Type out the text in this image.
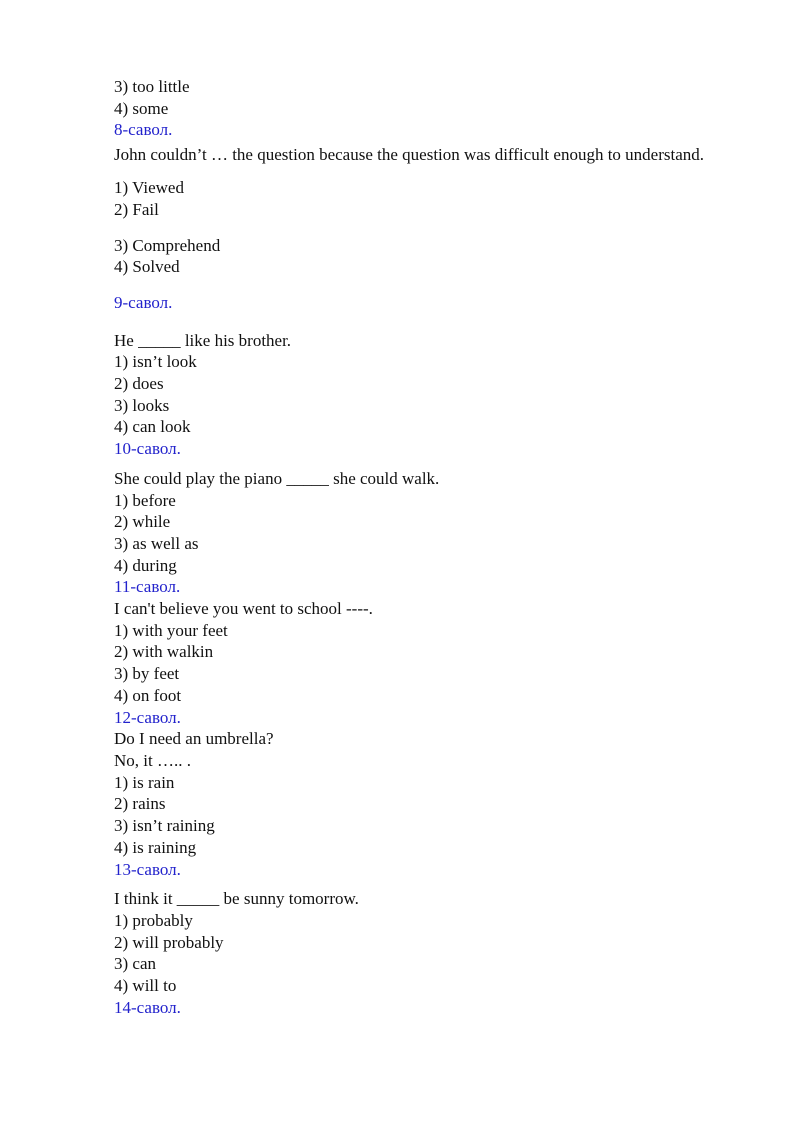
3) too little
4) some
8-савол.
John couldn’t … the question because the question was difficult enough to understand.
1) Viewed
2) Fail
3) Comprehend
4) Solved
9-савол.
He _____ like his brother.
1) isn’t look
2) does
3) looks
4) can look
10-савол.
She could play the piano _____ she could walk.
1) before
2) while
3) as well as
4) during
11-савол.
I can't believe you went to school ----.
1) with your feet
2) with walkin
3) by feet
4) on foot
12-савол.
Do I need an umbrella?
No, it ….. .
1) is rain
2) rains
3) isn’t raining
4) is raining
13-савол.
I think it _____ be sunny tomorrow.
1) probably
2) will probably
3) can
4) will to
14-савол.
